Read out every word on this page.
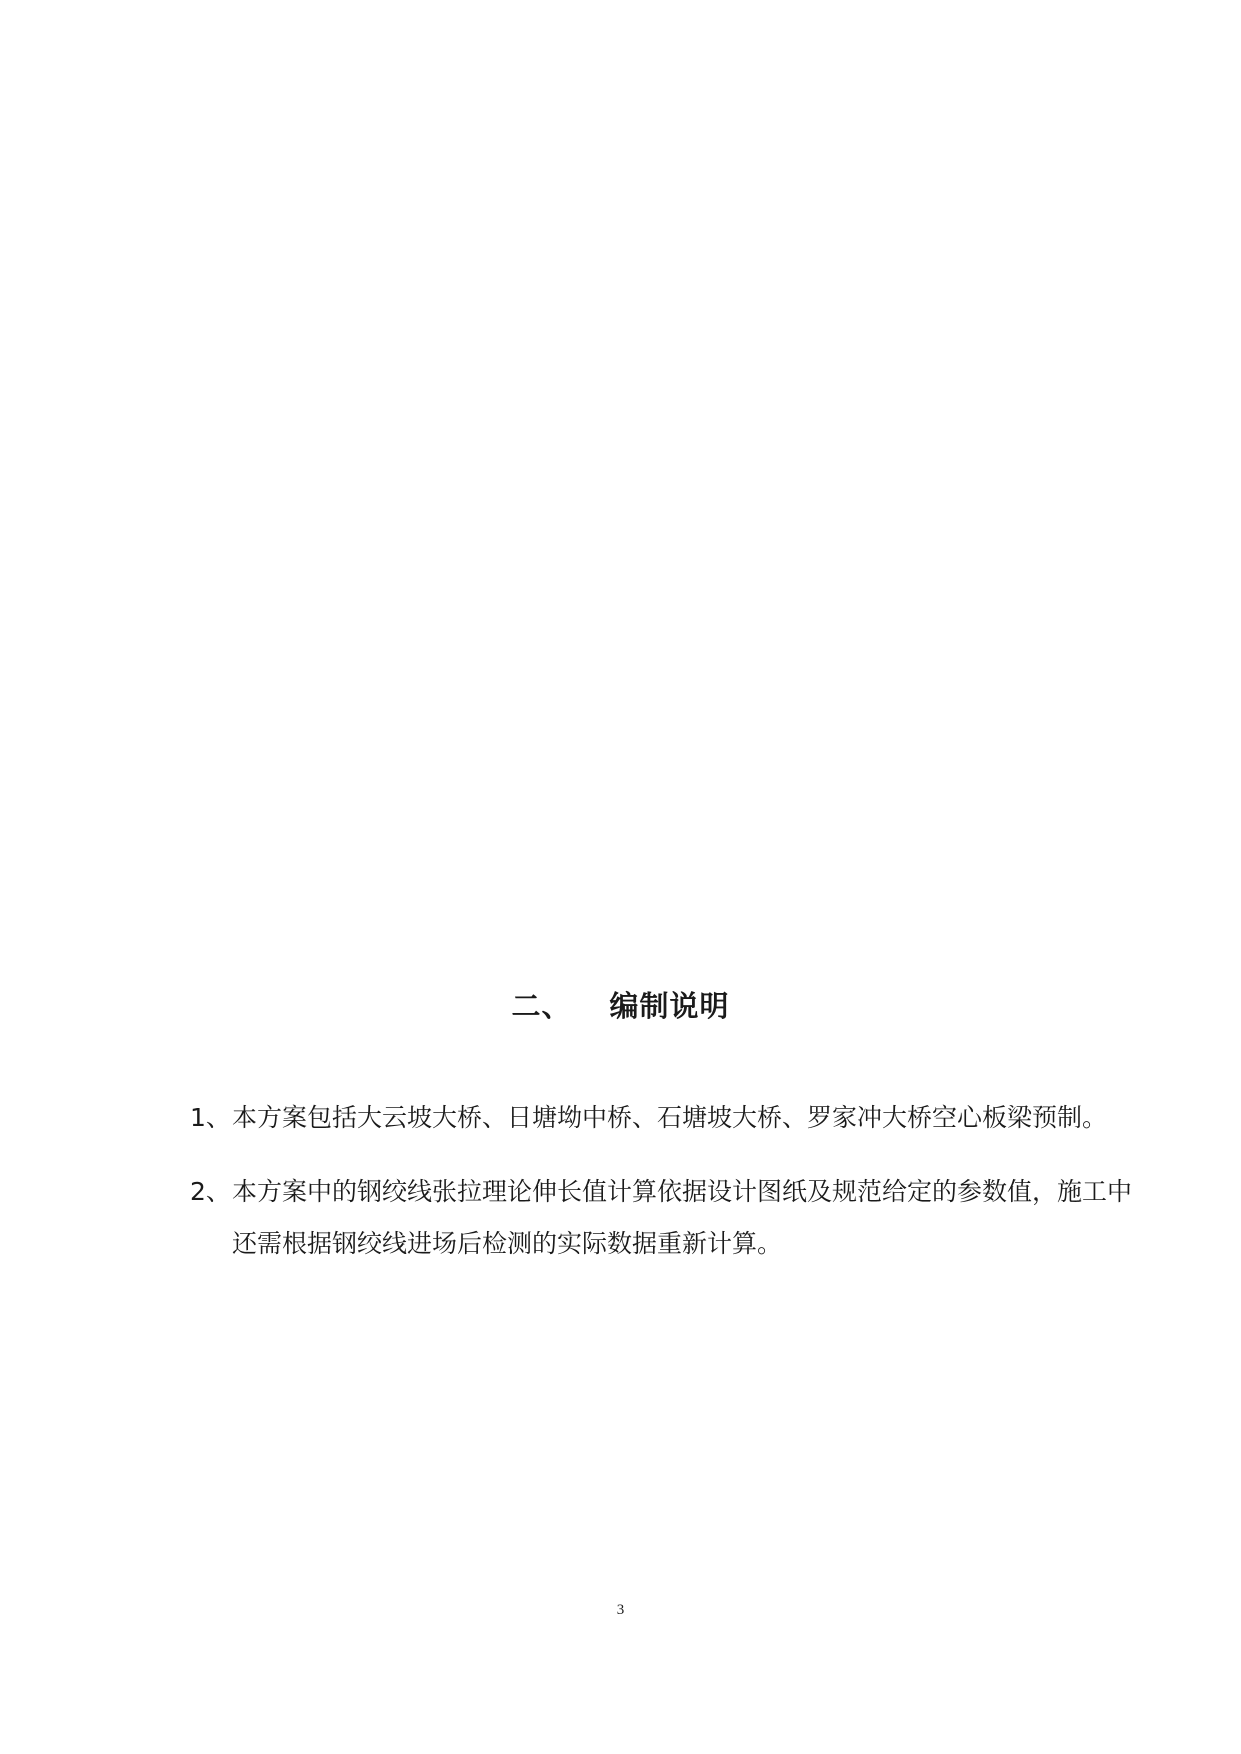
二、 编制说明
1、 本方案包括大云坡大桥、日塘坳中桥、石塘坡大桥、罗家冲大桥空心板梁预制。
2、 本方案中的钢绞线张拉理论伸长值计算依据设计图纸及规范给定的参数值，施工中还需根据钢绞线进场后检测的实际数据重新计算。
3
